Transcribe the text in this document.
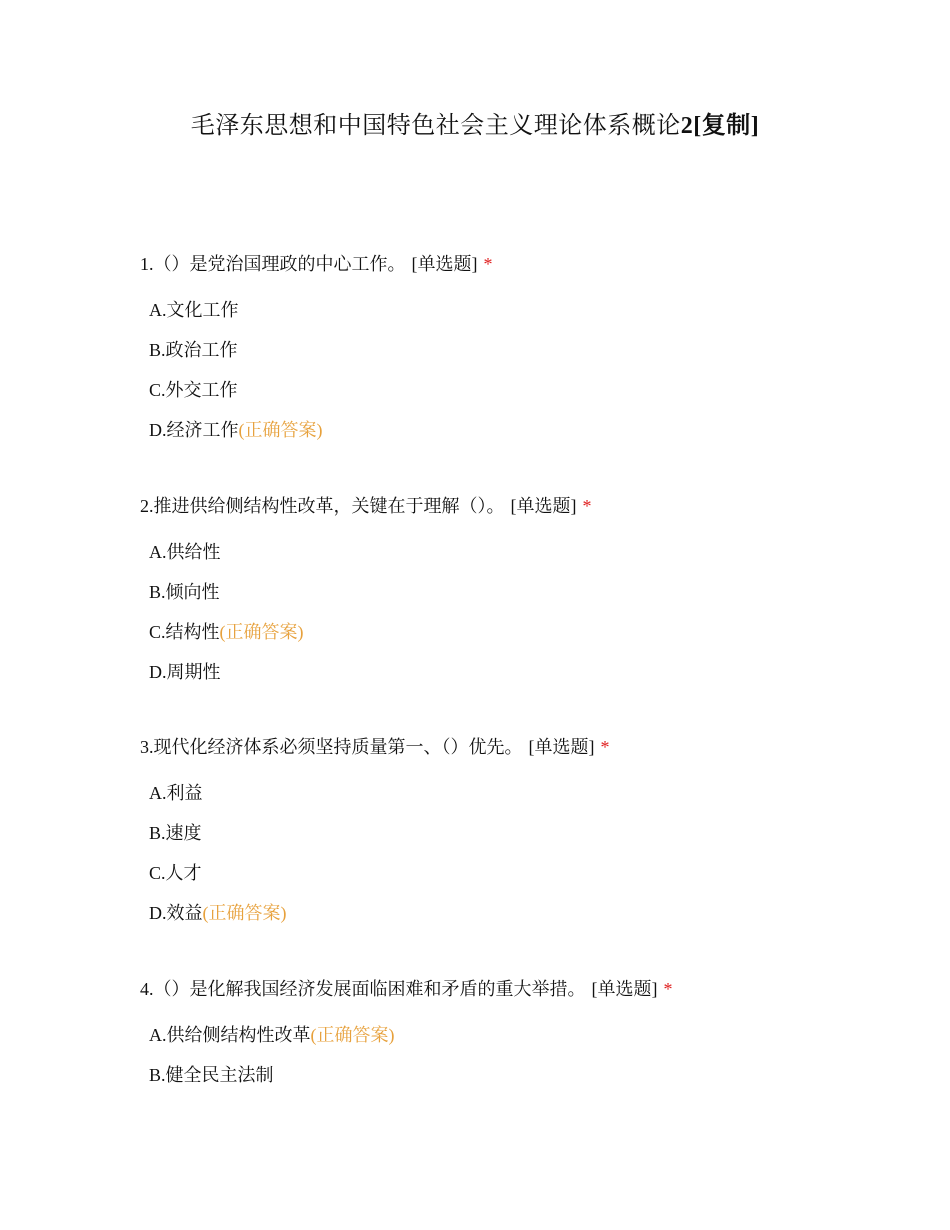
毛泽东思想和中国特色社会主义理论体系概论2[复制]
1.（）是党治国理政的中心工作。 [单选题] *
A.文化工作
B.政治工作
C.外交工作
D.经济工作(正确答案)
2.推进供给侧结构性改革，关键在于理解（）。 [单选题] *
A.供给性
B.倾向性
C.结构性(正确答案)
D.周期性
3.现代化经济体系必须坚持质量第一、（）优先。 [单选题] *
A.利益
B.速度
C.人才
D.效益(正确答案)
4.（）是化解我国经济发展面临困难和矛盾的重大举措。 [单选题] *
A.供给侧结构性改革(正确答案)
B.健全民主法制
